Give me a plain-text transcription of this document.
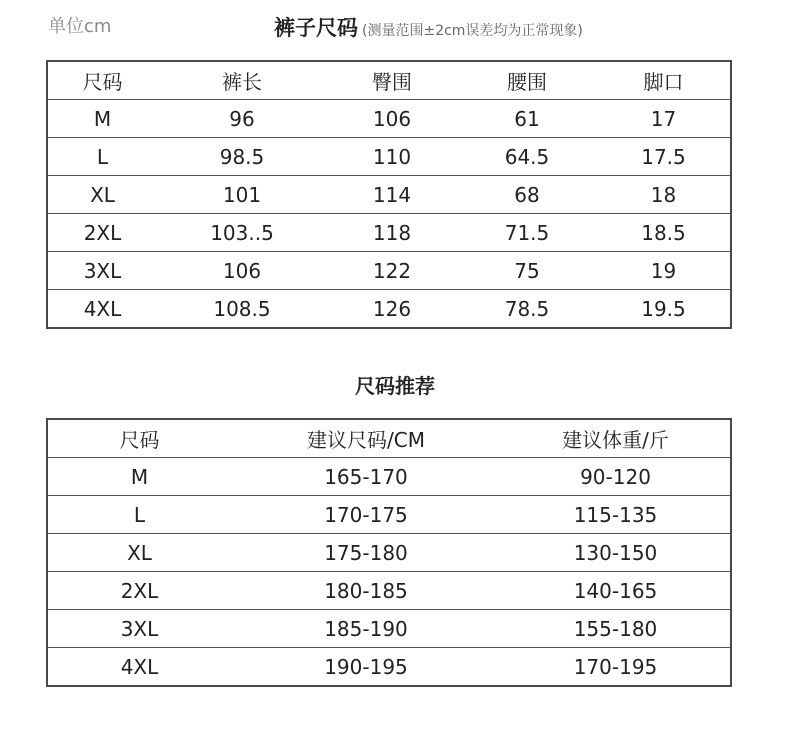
单位cm	裤子尺码 (测量范围±2cm误差均为正常现象)
尺码	裤长	臀围	腰围	脚口
M	96	106	61	17
L	98.5	110	64.5	17.5
XL	101	114	68	18
2XL	103..5	118	71.5	18.5
3XL	106	122	75	19
4XL	108.5	126	78.5	19.5
尺码推荐
尺码	建议尺码/CM	建议体重/斤
M	165-170	90-120
L	170-175	115-135
XL	175-180	130-150
2XL	180-185	140-165
3XL	185-190	155-180
4XL	190-195	170-195
